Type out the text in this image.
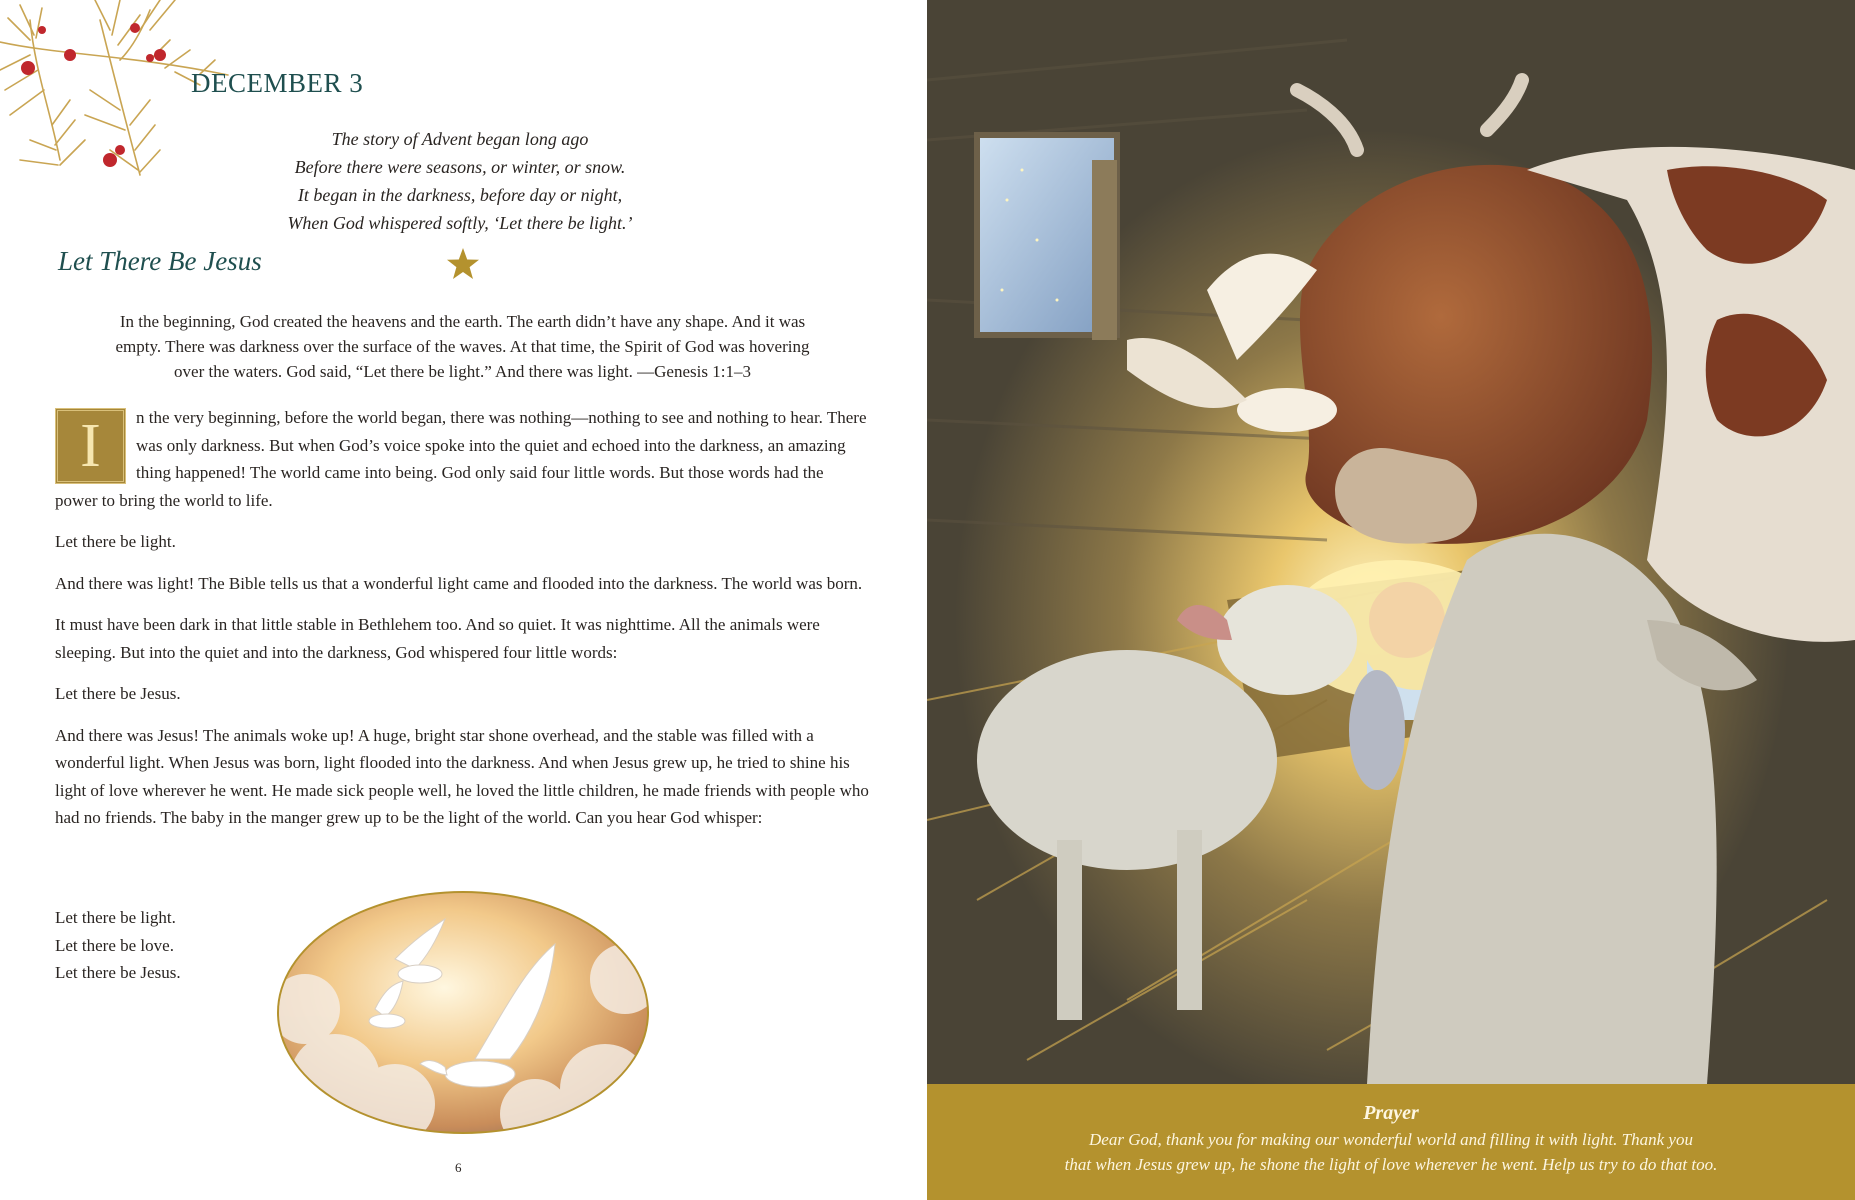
DECEMBER 3
The story of Advent began long ago
Before there were seasons, or winter, or snow.
It began in the darkness, before day or night,
When God whispered softly, ‘Let there be light.’
Let There Be Jesus
In the beginning, God created the heavens and the earth. The earth didn’t have any shape. And it was
empty. There was darkness over the surface of the waves. At that time, the Spirit of God was hovering
over the waters. God said, “Let there be light.” And there was light. —Genesis 1:1–3

I	n the very beginning, before the world began, there was nothing—nothing to see and nothing to hear. There was only darkness. But when God’s voice spoke into the quiet and echoed into the darkness, an amazing thing happened! The world came into being. God only said four little words. But those words had the power to bring the world to life.

Let there be light.

And there was light! The Bible tells us that a wonderful light came and flooded into the darkness. The world was born.

It must have been dark in that little stable in Bethlehem too. And so quiet. It was nighttime. All the animals were sleeping. But into the quiet and into the darkness, God whispered four little words:

Let there be Jesus.

And there was Jesus! The animals woke up! A huge, bright star shone overhead, and the stable was filled with a wonderful light. When Jesus was born, light flooded into the darkness. And when Jesus grew up, he tried to shine his light of love wherever he went. He made sick people well, he loved the little children, he made friends with people who had no friends. The baby in the manger grew up to be the light of the world. Can you hear God whisper:

Let there be light.
Let there be love.
Let there be Jesus.
6
Prayer
Dear God, thank you for making our wonderful world and filling it with light. Thank you
that when Jesus grew up, he shone the light of love wherever he went. Help us try to do that too.
